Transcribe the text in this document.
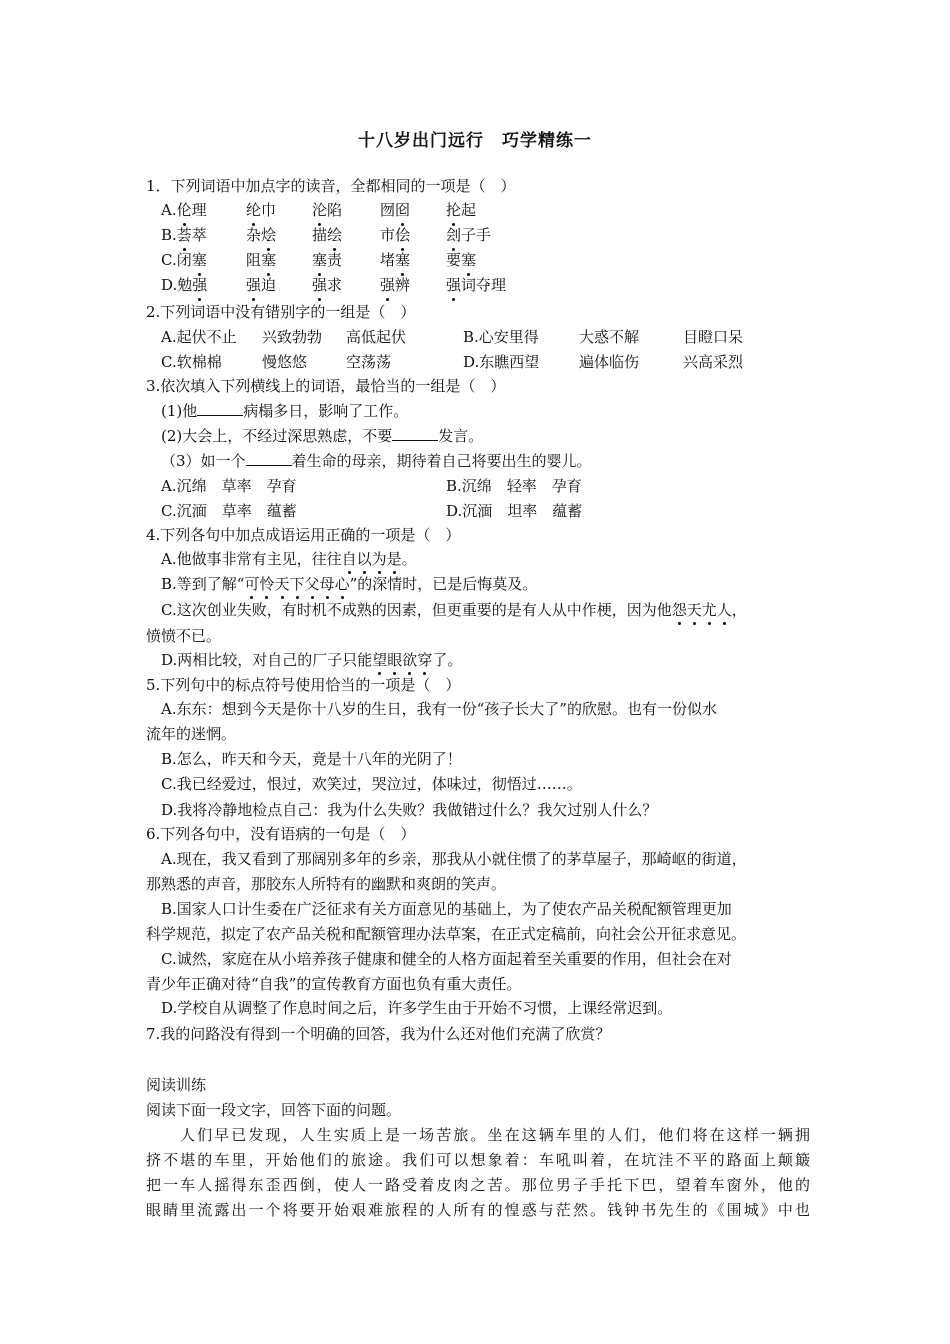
十八岁出门远行　巧学精练一
1．下列词语中加点字的读音，全都相同的一项是（　）
A.伦理	纶巾 沦陷	囫囵 抡起
B.荟萃	杂烩 描绘	市侩 刽子手
C.闭塞	阻塞 塞责	堵塞 要塞
D.勉强	强迫 强求	强辨 强词夺理
2.下列词语中没有错别字的一组是（　）
A.起伏不止 兴致勃勃 高低起伏	B.心安里得	大惑不解	目瞪口呆
C.软棉棉	慢悠悠	空荡荡	D.东瞧西望	遍体临伤	兴高采烈
3.依次填入下列横线上的词语，最恰当的一组是（　）
(1)他	病榻多日，影响了工作。
(2)大会上，不经过深思熟虑，不要	发言。
（3）如一个	着生命的母亲，期待着自己将要出生的婴儿。
A.沉绵　草率　孕育	B.沉绵　轻率　孕育
C.沉湎　草率　蕴蓄	D.沉湎　坦率　蕴蓄
4.下列各句中加点成语运用正确的一项是（　）
A.他做事非常有主见，往往自以为是。
B.等到了解“可怜天下父母心”的深情时，已是后悔莫及。
C.这次创业失败，有时机不成熟的因素，但更重要的是有人从中作梗，因为他怨天尤人，
愤愤不已。
D.两相比较，对自己的厂子只能望眼欲穿了。
5.下列句中的标点符号使用恰当的一项是（　）
A.东东：想到今天是你十八岁的生日，我有一份“孩子长大了”的欣慰。也有一份似水
流年的迷惘。
B.怎么，昨天和今天，竟是十八年的光阴了！
C.我已经爱过，恨过，欢笑过，哭泣过，体味过，彻悟过……。
D.我将冷静地检点自己：我为什么失败？我做错过什么？我欠过别人什么？
6.下列各句中，没有语病的一句是（　）
A.现在，我又看到了那阔别多年的乡亲，那我从小就住惯了的茅草屋子，那崎岖的街道，
那熟悉的声音，那胶东人所特有的幽默和爽朗的笑声。
B.国家人口计生委在广泛征求有关方面意见的基础上，为了使农产品关税配额管理更加
科学规范，拟定了农产品关税和配额管理办法草案，在正式定稿前，向社会公开征求意见。
C.诚然，家庭在从小培养孩子健康和健全的人格方面起着至关重要的作用，但社会在对
青少年正确对待“自我”的宣传教育方面也负有重大责任。
D.学校自从调整了作息时间之后，许多学生由于开始不习惯，上课经常迟到。
7.我的问路没有得到一个明确的回答，我为什么还对他们充满了欣赏？
阅读训练
阅读下面一段文字，回答下面的问题。
人们早已发现，人生实质上是一场苦旅。坐在这辆车里的人们，他们将在这样一辆拥
挤不堪的车里，开始他们的旅途。我们可以想象着：车吼叫着，在坑洼不平的路面上颠簸
把一车人摇得东歪西倒，使人一路受着皮肉之苦。那位男子手托下巴，望着车窗外，他的
眼睛里流露出一个将要开始艰难旅程的人所有的惶惑与茫然。钱钟书先生的《围城》中也
